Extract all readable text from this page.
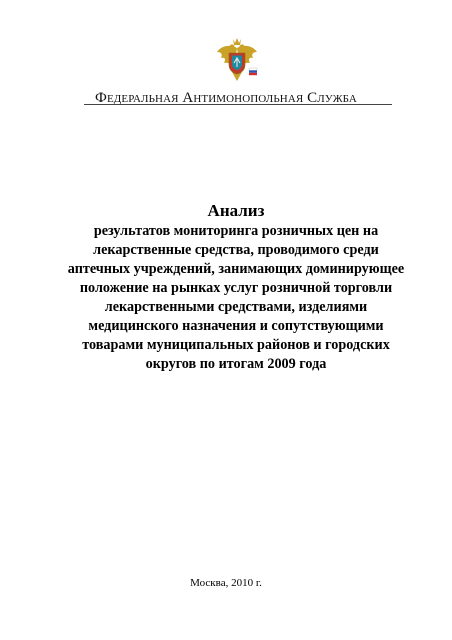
Федеральная Антимонопольная Служба
Анализ
результатов мониторинга розничных цен на
лекарственные средства, проводимого среди
аптечных учреждений, занимающих доминирующее
положение на рынках услуг розничной торговли
лекарственными средствами, изделиями
медицинского назначения и сопутствующими
товарами муниципальных районов и городских
округов по итогам 2009 года
Москва, 2010 г.
